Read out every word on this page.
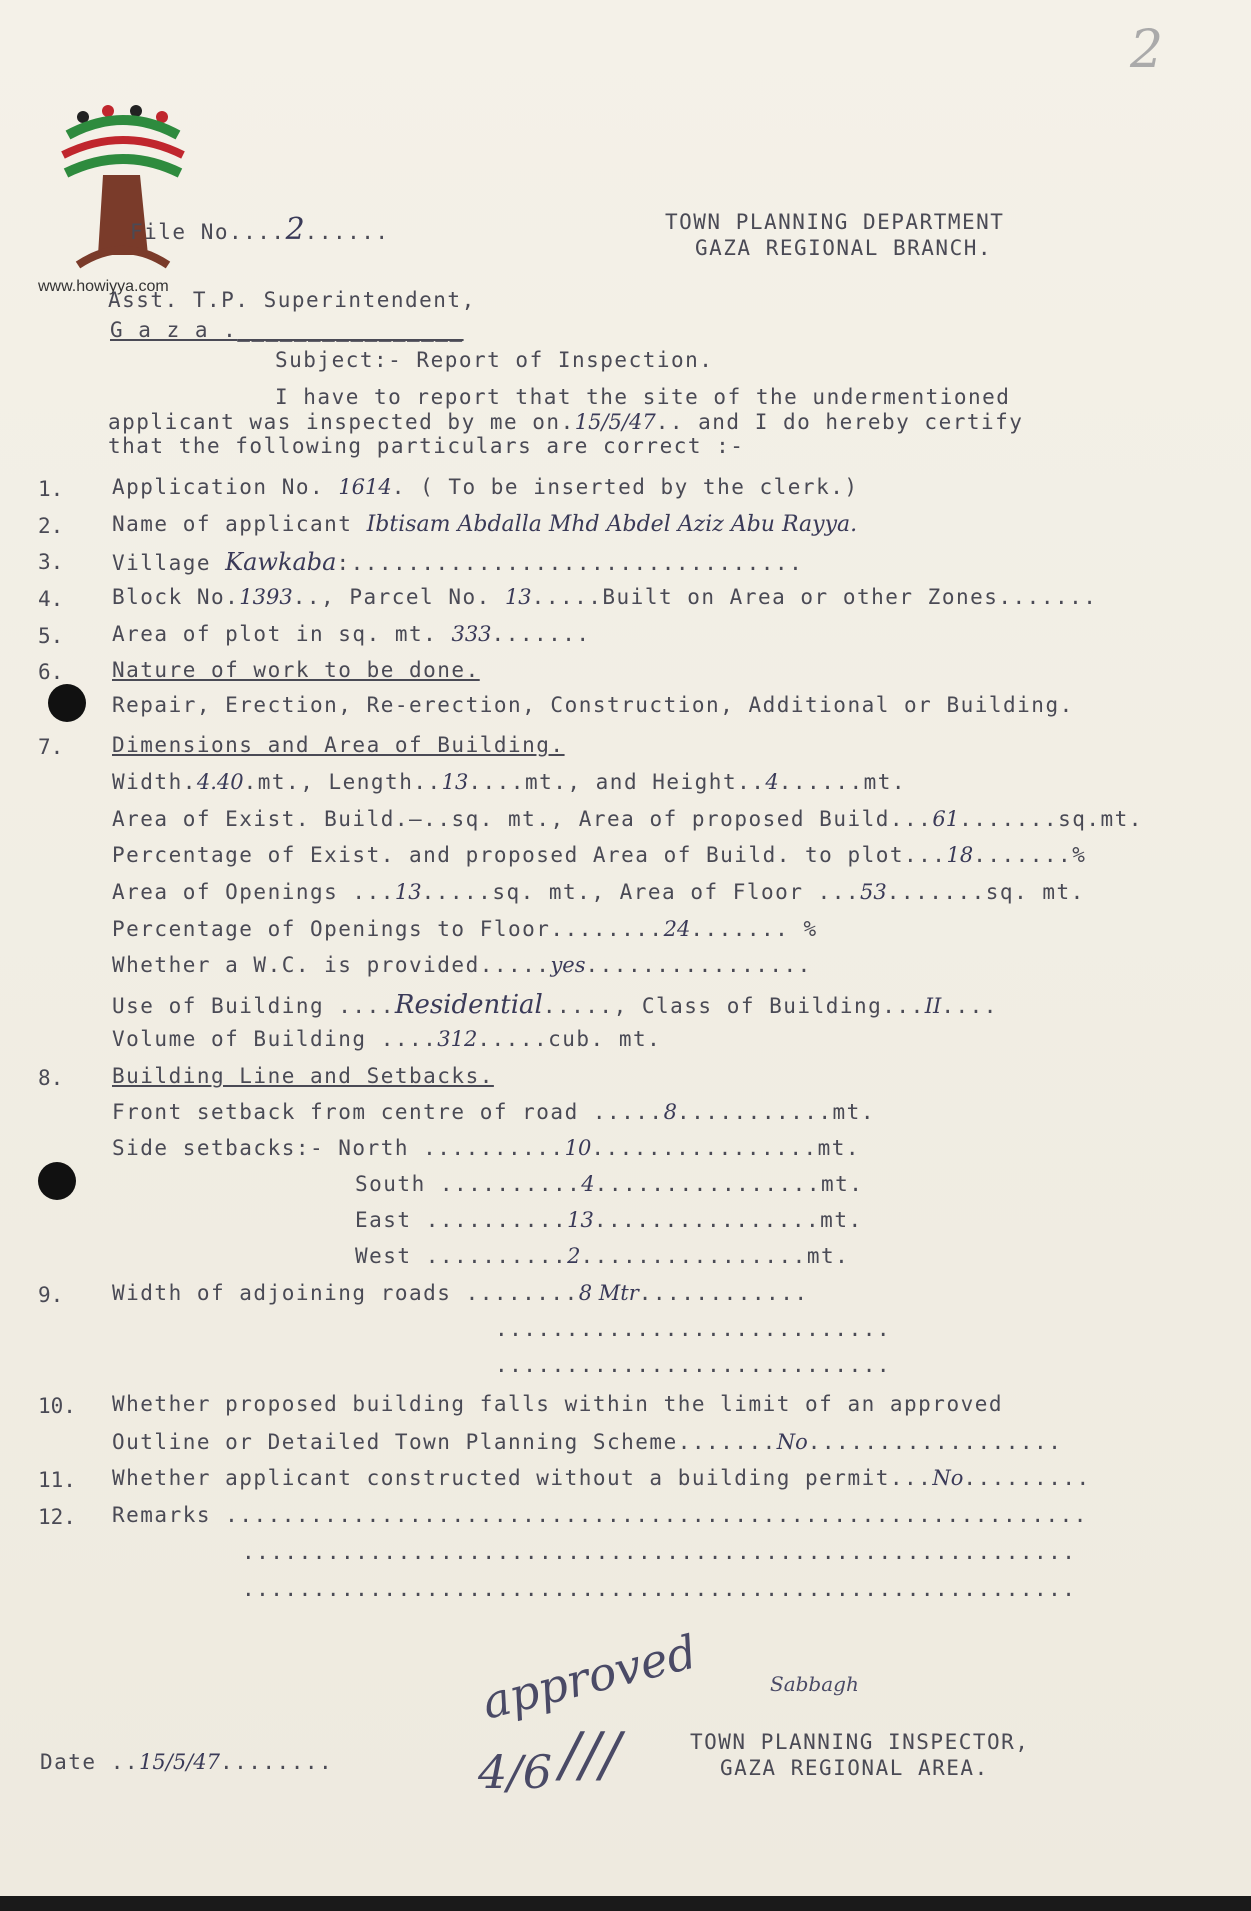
2
www.howiyya.com
File No....2......	TOWN PLANNING DEPARTMENT
GAZA REGIONAL BRANCH.
Asst. T.P. Superintendent,
G a z a .________________
Subject:- Report of Inspection.
I have to report that the site of the undermentioned
applicant was inspected by me on.15/5/47.. and I do hereby certify
that the following particulars are correct :-
1. Application No. 1614. ( To be inserted by the clerk.)
2. Name of applicant Ibtisam Abdalla Mhd Abdel Aziz Abu Rayya.
3. Village Kawkaba:................................
4. Block No.1393.., Parcel No. 13.....Built on Area or other Zones.......
5. Area of plot in sq. mt. 333.......
6. Nature of work to be done.
Repair, Erection, Re-erection, Construction, Additional or Building.
7. Dimensions and Area of Building.
Width.4.40.mt., Length..13....mt., and Height..4......mt.
Area of Exist. Build.—..sq. mt., Area of proposed Build...61.......sq.mt.
Percentage of Exist. and proposed Area of Build. to plot...18.......%
Area of Openings ...13.....sq. mt., Area of Floor ...53.......sq. mt.
Percentage of Openings to Floor........24....... %
Whether a W.C. is provided.....yes................
Use of Building ....Residential....., Class of Building...II....
Volume of Building ....312.....cub. mt.
8. Building Line and Setbacks.
Front setback from centre of road .....8...........mt.
Side setbacks:- North ..........10................mt.
South ..........4................mt.
East ..........13................mt.
West ..........2................mt.
9. Width of adjoining roads ........8 Mtr............
............................
............................
10. Whether proposed building falls within the limit of an approved
Outline or Detailed Town Planning Scheme.......No..................
11. Whether applicant constructed without a building permit...No.........
12. Remarks .............................................................
...........................................................
...........................................................
approved
///
4/6
Sabbagh
Date ..15/5/47........
TOWN PLANNING INSPECTOR,
GAZA REGIONAL AREA.
